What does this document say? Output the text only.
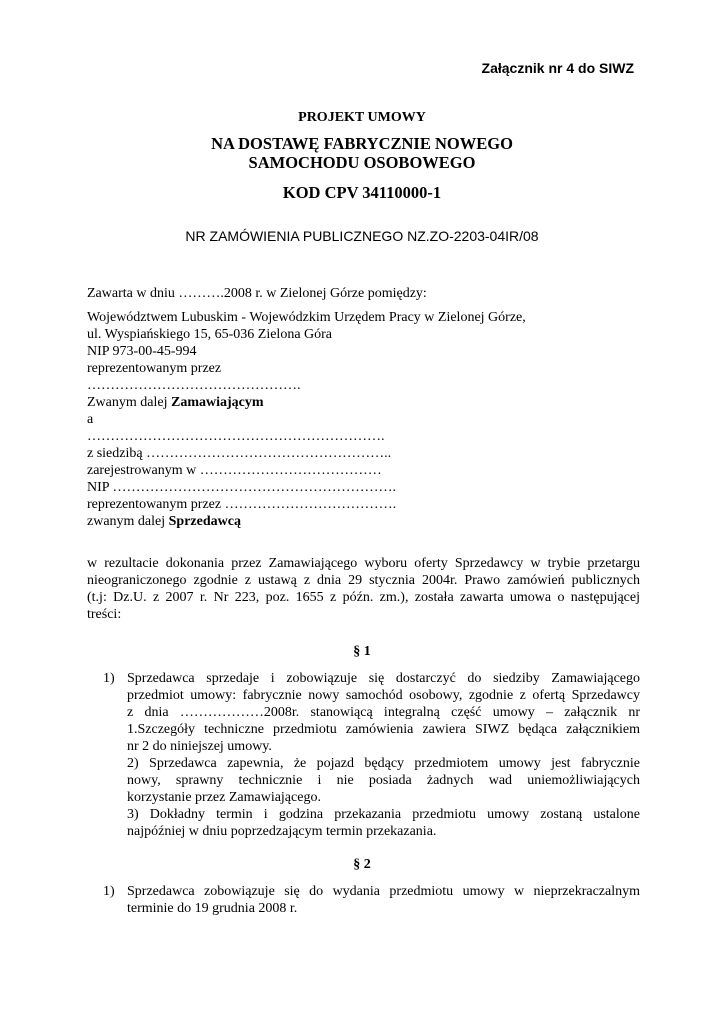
Załącznik nr 4 do SIWZ
PROJEKT UMOWY
NA DOSTAWĘ FABRYCZNIE NOWEGO
SAMOCHODU OSOBOWEGO
KOD CPV 34110000-1
NR ZAMÓWIENIA PUBLICZNEGO NZ.ZO-2203-04IR/08
Zawarta w dniu ……….2008 r. w Zielonej Górze pomiędzy:
Województwem Lubuskim - Wojewódzkim Urzędem Pracy w Zielonej Górze,
ul. Wyspiańskiego 15, 65-036 Zielona Góra
NIP 973-00-45-994
reprezentowanym przez
……………………………………….
Zwanym dalej Zamawiającym
a
……………………………………………………….
z siedzibą ……………………………………………..
zarejestrowanym w …………………………………
NIP …………………………………………………….
reprezentowanym przez ……………………………….
zwanym dalej Sprzedawcą
w rezultacie dokonania przez Zamawiającego wyboru oferty Sprzedawcy w trybie przetargu
nieograniczonego zgodnie z ustawą z dnia 29 stycznia 2004r. Prawo zamówień publicznych
(t.j: Dz.U. z 2007 r. Nr 223, poz. 1655 z późn. zm.), została zawarta umowa o następującej
treści:
§ 1
1) Sprzedawca sprzedaje i zobowiązuje się dostarczyć do siedziby Zamawiającego
przedmiot umowy: fabrycznie nowy samochód osobowy, zgodnie z ofertą Sprzedawcy
z dnia ………………2008r. stanowiącą integralną część umowy – załącznik nr
1.Szczegóły techniczne przedmiotu zamówienia zawiera SIWZ będąca załącznikiem
nr 2 do niniejszej umowy.
2) Sprzedawca zapewnia, że pojazd będący przedmiotem umowy jest fabrycznie
nowy, sprawny technicznie i nie posiada żadnych wad uniemożliwiających
korzystanie przez Zamawiającego.
3) Dokładny termin i godzina przekazania przedmiotu umowy zostaną ustalone
najpóźniej w dniu poprzedzającym termin przekazania.
§ 2
1) Sprzedawca zobowiązuje się do wydania przedmiotu umowy w nieprzekraczalnym
terminie do 19 grudnia 2008 r.
